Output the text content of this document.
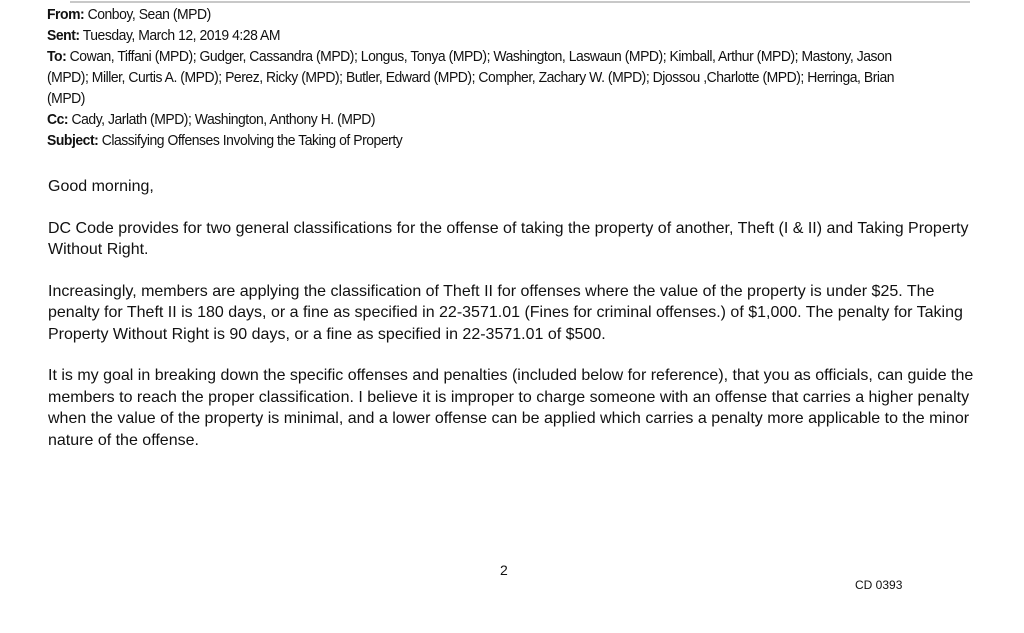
From: Conboy, Sean (MPD)
Sent: Tuesday, March 12, 2019 4:28 AM
To: Cowan, Tiffani (MPD); Gudger, Cassandra (MPD); Longus, Tonya (MPD); Washington, Laswaun (MPD); Kimball, Arthur (MPD); Mastony, Jason (MPD); Miller, Curtis A. (MPD); Perez, Ricky (MPD); Butler, Edward (MPD); Compher, Zachary W. (MPD); Djossou ,Charlotte (MPD); Herringa, Brian (MPD)
Cc: Cady, Jarlath (MPD); Washington, Anthony H. (MPD)
Subject: Classifying Offenses Involving the Taking of Property

Good morning,

DC Code provides for two general classifications for the offense of taking the property of another, Theft (I & II) and Taking Property Without Right.

Increasingly, members are applying the classification of Theft II for offenses where the value of the property is under $25. The penalty for Theft II is 180 days, or a fine as specified in 22-3571.01 (Fines for criminal offenses.) of $1,000. The penalty for Taking Property Without Right is 90 days, or a fine as specified in 22-3571.01 of $500.

It is my goal in breaking down the specific offenses and penalties (included below for reference), that you as officials, can guide the members to reach the proper classification. I believe it is improper to charge someone with an offense that carries a higher penalty when the value of the property is minimal, and a lower offense can be applied which carries a penalty more applicable to the minor nature of the offense.

2
CD 0393
